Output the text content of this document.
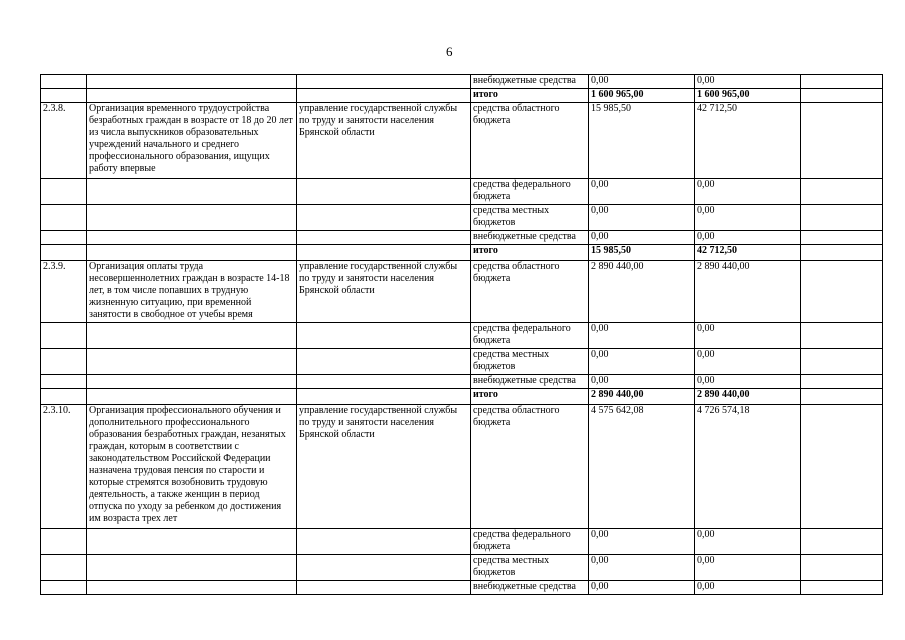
6
			внебюджетные средства	0,00	0,00	
			итого	1 600 965,00	1 600 965,00	
2.3.8.	Организация временного трудоустройства безработных граждан в возрасте от 18 до 20 лет из числа выпускников образовательных учреждений начального и среднего профессионального образования, ищущих работу впервые	управление государственной службы по труду и занятости населения Брянской области	средства областного бюджета	15 985,50	42 712,50	
			средства федерального бюджета	0,00	0,00	
			средства местных бюджетов	0,00	0,00	
			внебюджетные средства	0,00	0,00	
			итого	15 985,50	42 712,50	
2.3.9.	Организация оплаты труда несовершеннолетних граждан в возрасте 14-18 лет, в том числе попавших в трудную жизненную ситуацию, при временной занятости в свободное от учебы время	управление государственной службы по труду и занятости населения Брянской области	средства областного бюджета	2 890 440,00	2 890 440,00	
			средства федерального бюджета	0,00	0,00	
			средства местных бюджетов	0,00	0,00	
			внебюджетные средства	0,00	0,00	
			итого	2 890 440,00	2 890 440,00	
2.3.10.	Организация профессионального обучения и дополнительного профессионального образования безработных граждан, незанятых граждан, которым в соответствии с законодательством Российской Федерации назначена трудовая пенсия по старости и которые стремятся возобновить трудовую деятельность, а также женщин в период отпуска по уходу за ребенком до достижения им возраста трех лет	управление государственной службы по труду и занятости населения Брянской области	средства областного бюджета	4 575 642,08	4 726 574,18	
			средства федерального бюджета	0,00	0,00	
			средства местных бюджетов	0,00	0,00	
			внебюджетные средства	0,00	0,00	
